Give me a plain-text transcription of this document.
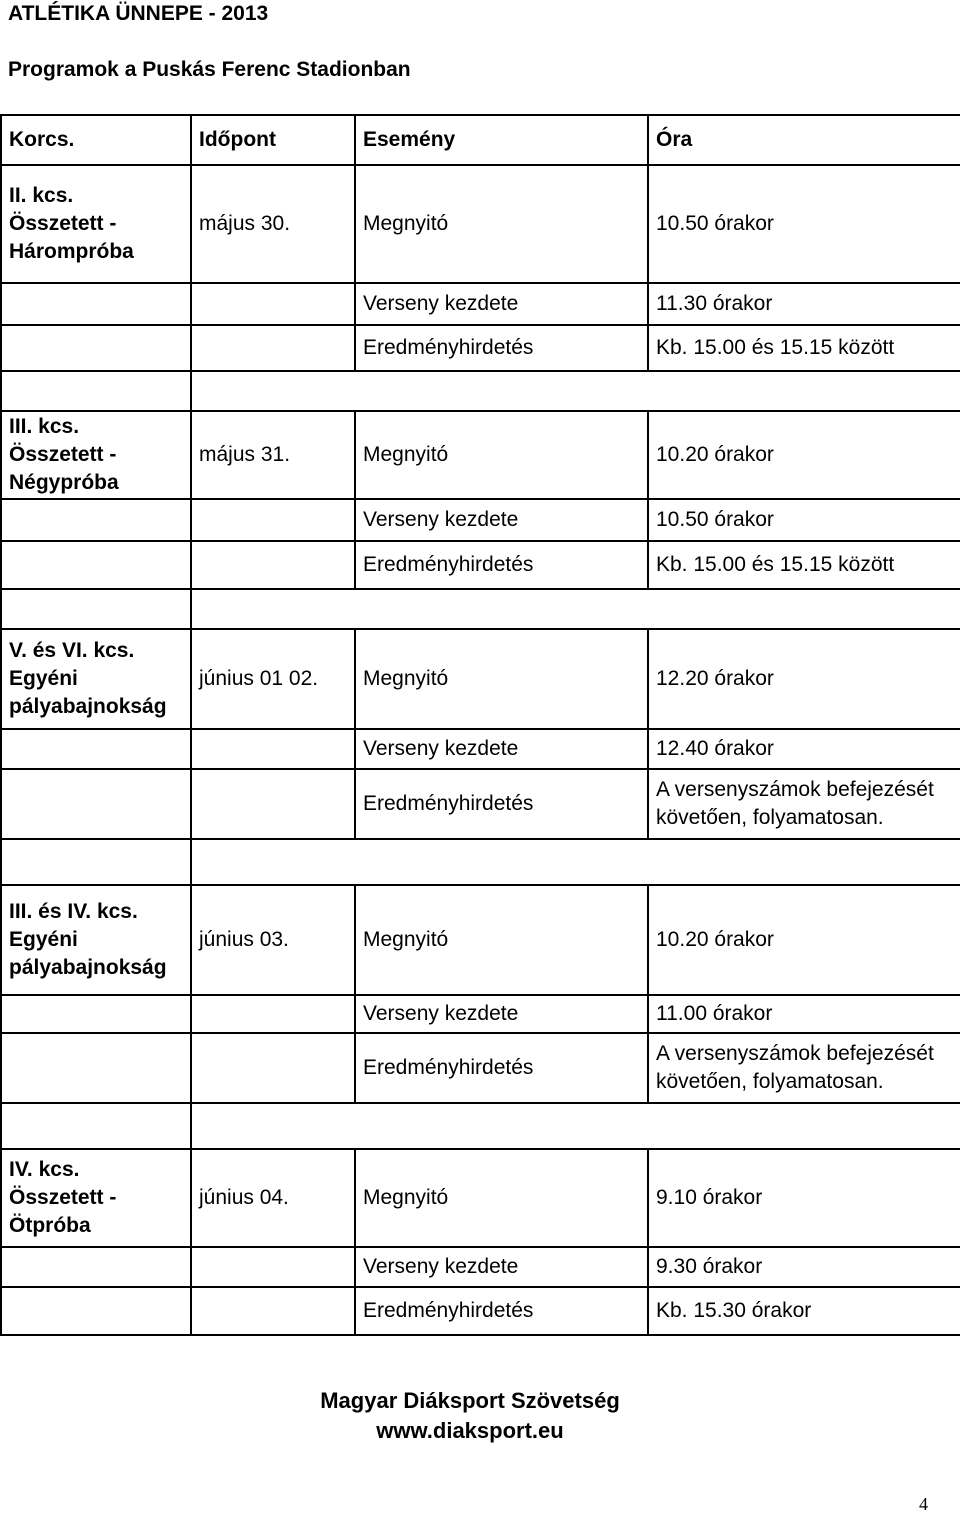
ATLÉTIKA ÜNNEPE - 2013
Programok a Puskás Ferenc Stadionban
Korcs.	Időpont	Esemény	Óra

II. kcs.
Összetett -
Hárompróba	május 30.	Megnyitó	10.50 órakor
		Verseny kezdete	11.30 órakor
		Eredményhirdetés	Kb. 15.00 és 15.15 között

III. kcs.
Összetett -
Négypróba	május 31.	Megnyitó	10.20 órakor
		Verseny kezdete	10.50 órakor
		Eredményhirdetés	Kb. 15.00 és 15.15 között

V. és VI. kcs.
Egyéni
pályabajnokság	június 01 02.	Megnyitó	12.20 órakor
		Verseny kezdete	12.40 órakor
		Eredményhirdetés	A versenyszámok befejezését követően, folyamatosan.

III. és IV. kcs.
Egyéni
pályabajnokság	június 03.	Megnyitó	10.20 órakor
		Verseny kezdete	11.00 órakor
		Eredményhirdetés	A versenyszámok befejezését követően, folyamatosan.

IV. kcs.
Összetett -
Ötpróba	június 04.	Megnyitó	9.10 órakor
		Verseny kezdete	9.30 órakor
		Eredményhirdetés	Kb. 15.30 órakor
Magyar Diáksport Szövetség
www.diaksport.eu
4
